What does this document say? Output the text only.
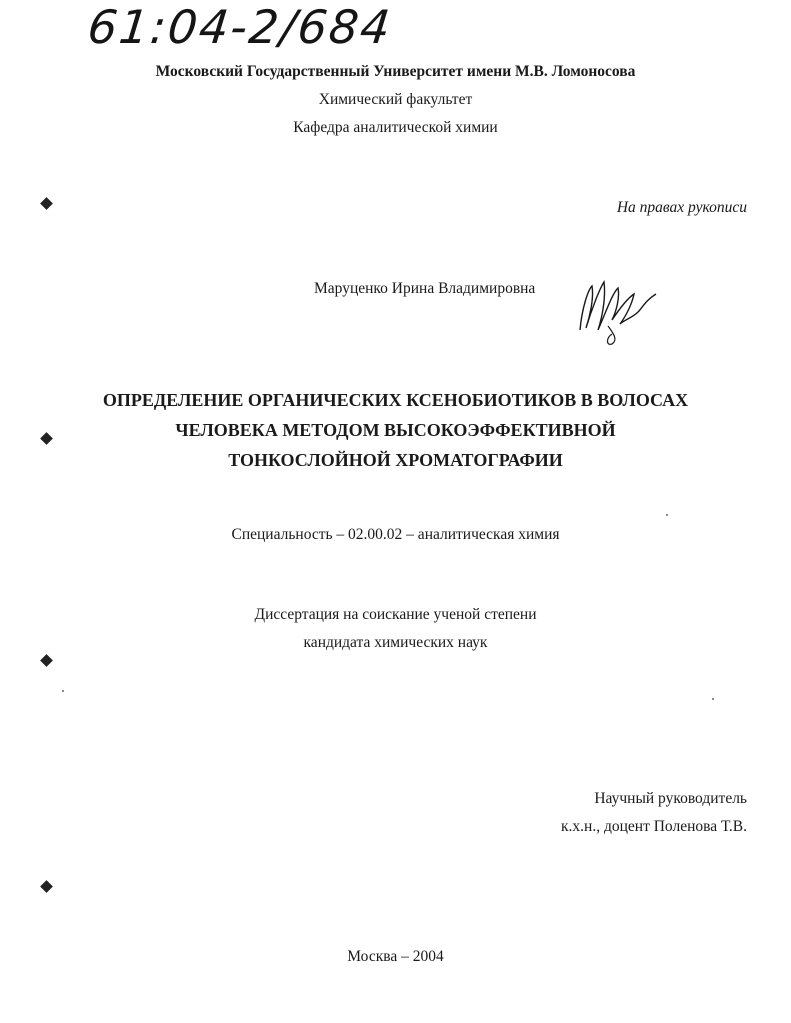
61:04-2/684
Московский Государственный Университет имени М.В. Ломоносова
Химический факультет
Кафедра аналитической химии
На правах рукописи
Маруценко Ирина Владимировна
ОПРЕДЕЛЕНИЕ ОРГАНИЧЕСКИХ КСЕНОБИОТИКОВ В ВОЛОСАХ
ЧЕЛОВЕКА МЕТОДОМ ВЫСОКОЭФФЕКТИВНОЙ
ТОНКОСЛОЙНОЙ ХРОМАТОГРАФИИ
Специальность – 02.00.02 – аналитическая химия
Диссертация на соискание ученой степени
кандидата химических наук
Научный руководитель
к.х.н., доцент Поленова Т.В.
Москва – 2004
